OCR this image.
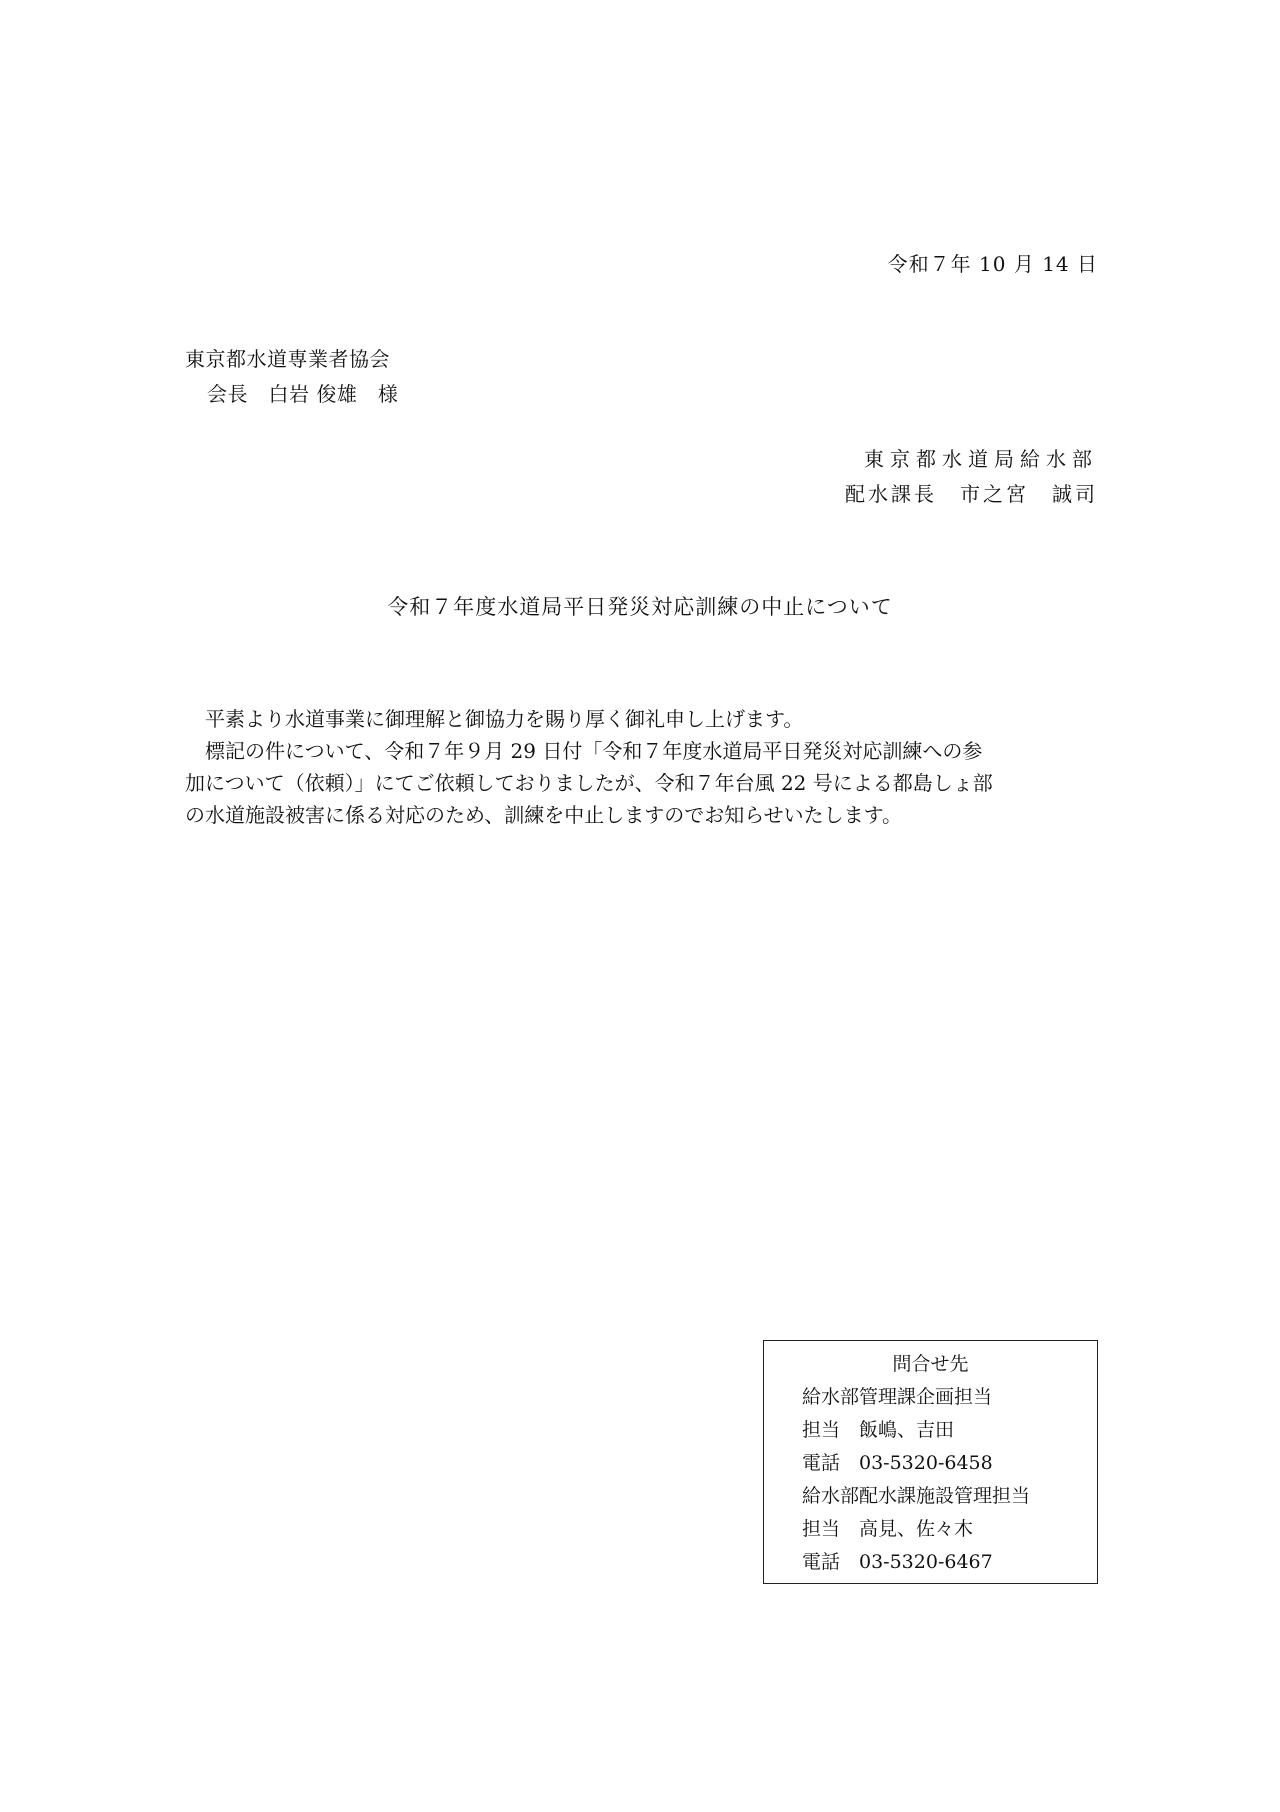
令和７年 10 月 14 日

東京都水道専業者協会

会長　白岩 俊雄　様

東京都水道局給水部

配水課長　市之宮　誠司

令和７年度水道局平日発災対応訓練の中止について

　平素より水道事業に御理解と御協力を賜り厚く御礼申し上げます。

　標記の件について、令和７年９月 29 日付「令和７年度水道局平日発災対応訓練への参

加について（依頼）」にてご依頼しておりましたが、令和７年台風 22 号による都島しょ部

の水道施設被害に係る対応のため、訓練を中止しますのでお知らせいたします。

問合せ先
給水部管理課企画担当
担当　飯嶋、吉田
電話　03-5320-6458
給水部配水課施設管理担当
担当　高見、佐々木
電話　03-5320-6467
